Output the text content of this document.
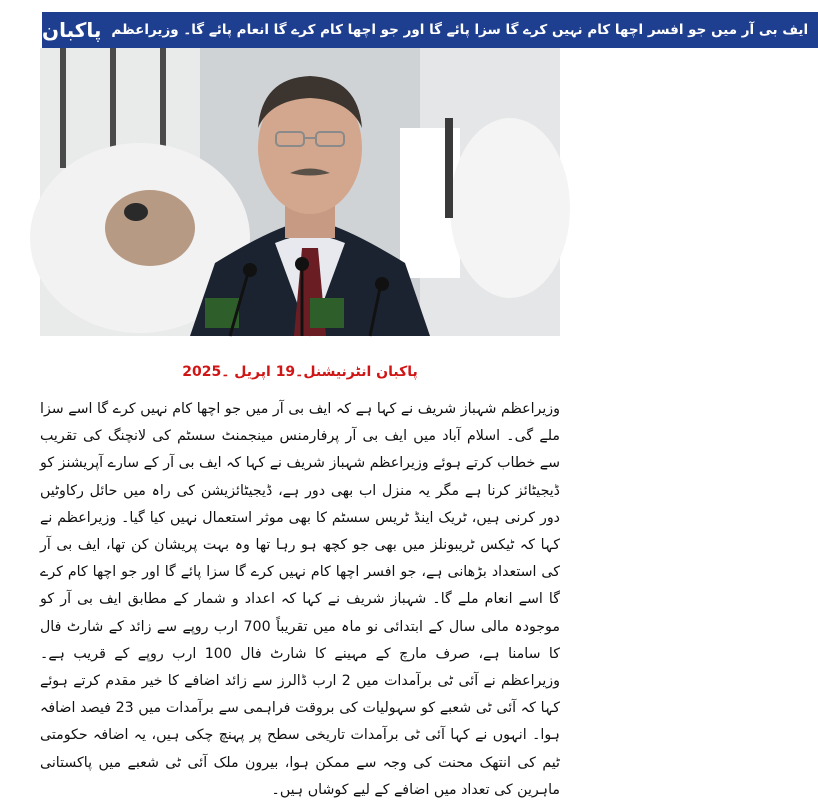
پاکبان ایف بی آر میں جو افسر اچھا کام نہیں کرے گا سزا پائے گا اور جو اچھا کام کرے گا انعام پائے گا۔ وزیراعظم
پاکبان انٹرنیشنل۔19 اپریل ۔2025
وزیراعظم شہباز شریف نے کہا ہے کہ ایف بی آر میں جو اچھا کام نہیں کرے گا اسے سزا ملے گی۔ اسلام آباد میں ایف بی آر پرفارمنس مینجمنٹ سسٹم کی لانچنگ کی تقریب سے خطاب کرتے ہوئے وزیراعظم شہباز شریف نے کہا کہ ایف بی آر کے سارے آپریشنز کو ڈیجیٹائز کرنا ہے مگر یہ منزل اب بھی دور ہے، ڈیجیٹائزیشن کی راہ میں حائل رکاوٹیں دور کرنی ہیں، ٹریک اینڈ ٹریس سسٹم کا بھی موثر استعمال نہیں کیا گیا۔ وزیراعظم نے کہا کہ ٹیکس ٹریبونلز میں بھی جو کچھ ہو رہا تھا وہ بہت پریشان کن تھا، ایف بی آر کی استعداد بڑھانی ہے، جو افسر اچھا کام نہیں کرے گا سزا پائے گا اور جو اچھا کام کرے گا اسے انعام ملے گا۔ شہباز شریف نے کہا کہ اعداد و شمار کے مطابق ایف بی آر کو موجودہ مالی سال کے ابتدائی نو ماہ میں تقریباً 700 ارب روپے سے زائد کے شارٹ فال کا سامنا ہے، صرف مارچ کے مہینے کا شارٹ فال 100 ارب روپے کے قریب ہے۔ وزیراعظم نے آئی ٹی برآمدات میں 2 ارب ڈالرز سے زائد اضافے کا خیر مقدم کرتے ہوئے کہا کہ آئی ٹی شعبے کو سہولیات کی بروقت فراہمی سے برآمدات میں 23 فیصد اضافہ ہوا۔ انہوں نے کہا آئی ٹی برآمدات تاریخی سطح پر پہنچ چکی ہیں، یہ اضافہ حکومتی ٹیم کی انتھک محنت کی وجہ سے ممکن ہوا، بیرون ملک آئی ٹی شعبے میں پاکستانی ماہرین کی تعداد میں اضافے کے لیے کوشاں ہیں۔
